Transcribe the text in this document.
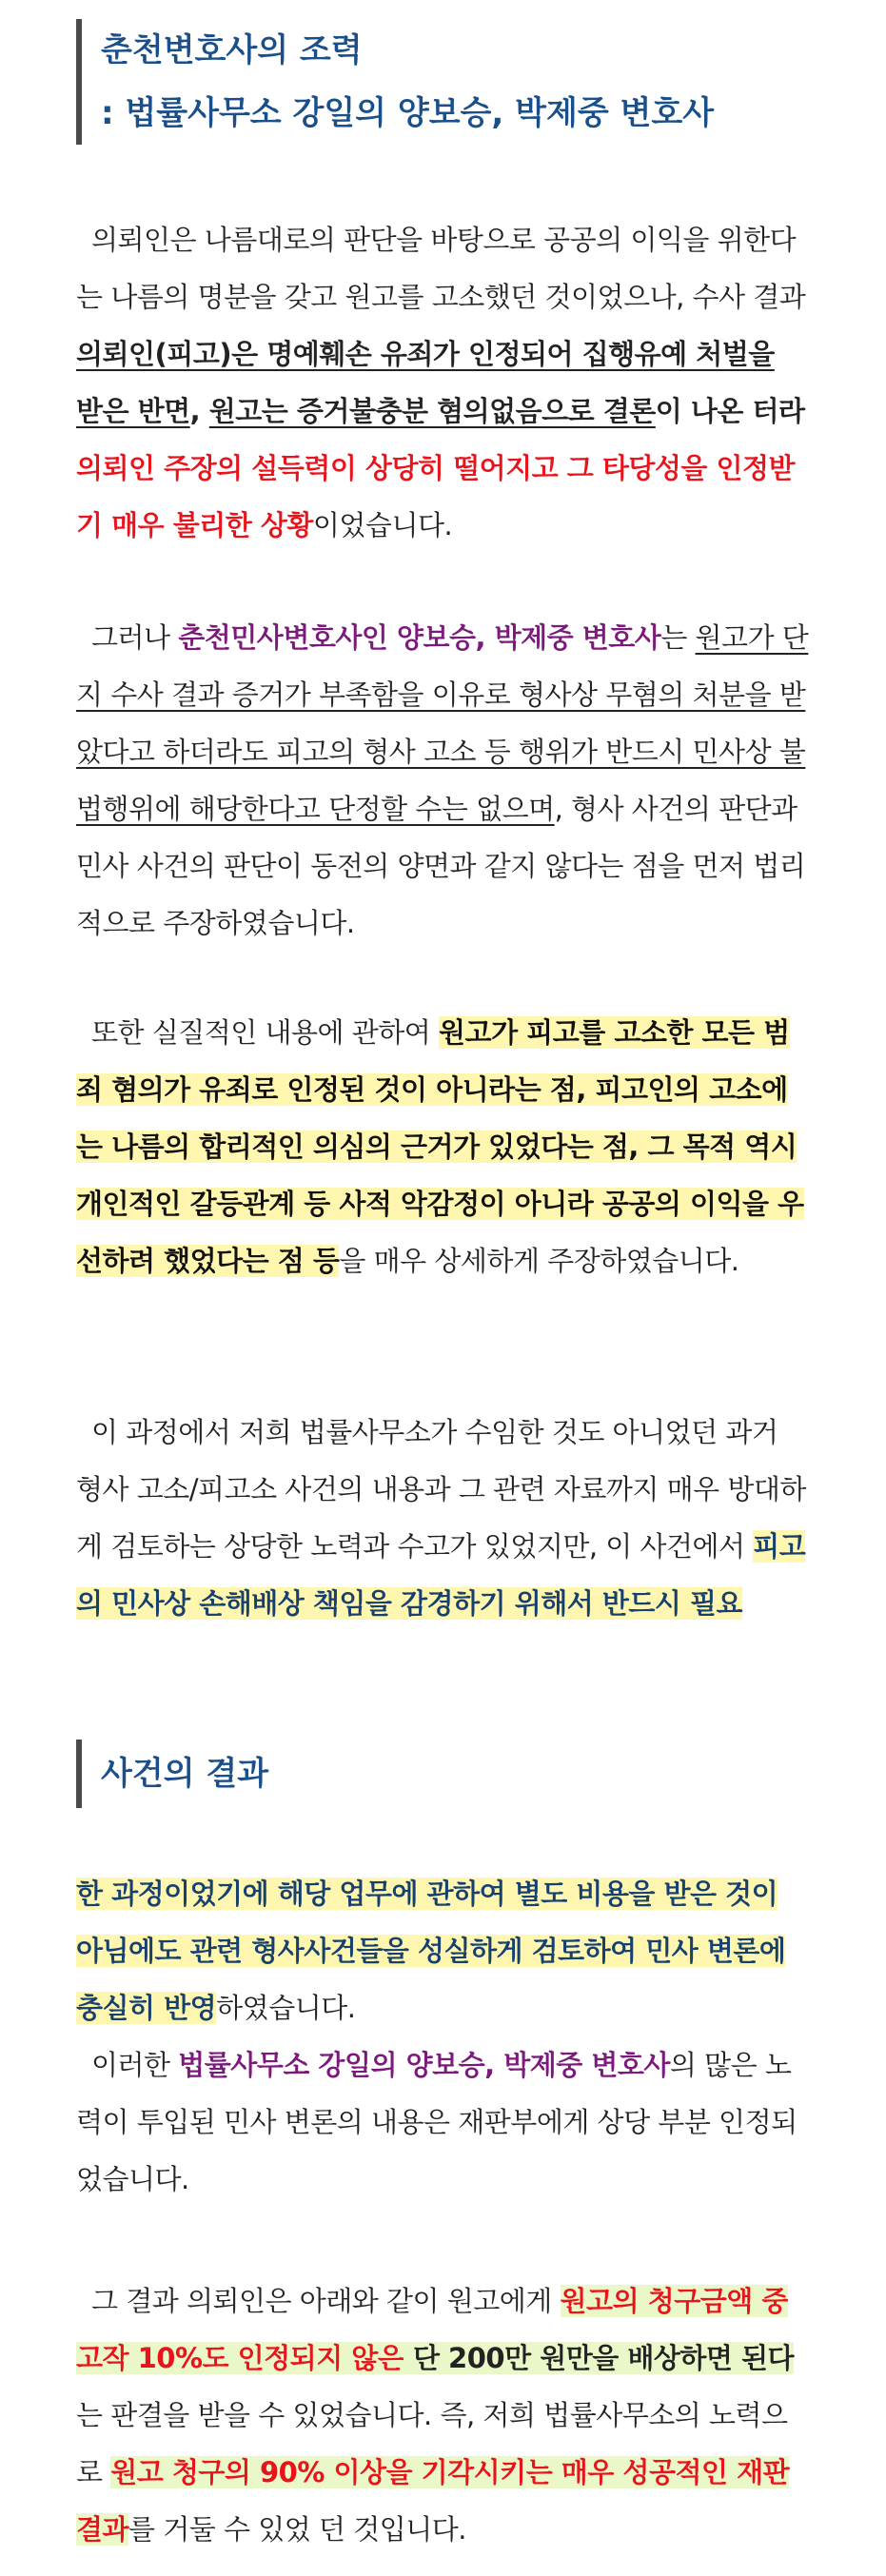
춘천변호사의 조력
: 법률사무소 강일의 양보승, 박제중 변호사

의뢰인은 나름대로의 판단을 바탕으로 공공의 이익을 위한다는 나름의 명분을 갖고 원고를 고소했던 것이었으나, 수사 결과 의뢰인(피고)은 명예훼손 유죄가 인정되어 집행유예 처벌을 받은 반면, 원고는 증거불충분 혐의없음으로 결론이 나온 터라 의뢰인 주장의 설득력이 상당히 떨어지고 그 타당성을 인정받기 매우 불리한 상황이었습니다.

그러나 춘천민사변호사인 양보승, 박제중 변호사는 원고가 단지 수사 결과 증거가 부족함을 이유로 형사상 무혐의 처분을 받았다고 하더라도 피고의 형사 고소 등 행위가 반드시 민사상 불법행위에 해당한다고 단정할 수는 없으며, 형사 사건의 판단과 민사 사건의 판단이 동전의 양면과 같지 않다는 점을 먼저 법리적으로 주장하였습니다.

또한 실질적인 내용에 관하여 원고가 피고를 고소한 모든 범죄 혐의가 유죄로 인정된 것이 아니라는 점, 피고인의 고소에는 나름의 합리적인 의심의 근거가 있었다는 점, 그 목적 역시 개인적인 갈등관계 등 사적 악감정이 아니라 공공의 이익을 우선하려 했었다는 점 등을 매우 상세하게 주장하였습니다.

이 과정에서 저희 법률사무소가 수임한 것도 아니었던 과거 형사 고소/피고소 사건의 내용과 그 관련 자료까지 매우 방대하게 검토하는 상당한 노력과 수고가 있었지만, 이 사건에서 피고의 민사상 손해배상 책임을 감경하기 위해서 반드시 필요

사건의 결과

한 과정이었기에 해당 업무에 관하여 별도 비용을 받은 것이 아님에도 관련 형사사건들을 성실하게 검토하여 민사 변론에 충실히 반영하였습니다.

이러한 법률사무소 강일의 양보승, 박제중 변호사의 많은 노력이 투입된 민사 변론의 내용은 재판부에게 상당 부분 인정되었습니다.

그 결과 의뢰인은 아래와 같이 원고에게 원고의 청구금액 중 고작 10%도 인정되지 않은 단 200만 원만을 배상하면 된다는 판결을 받을 수 있었습니다. 즉, 저희 법률사무소의 노력으로 원고 청구의 90% 이상을 기각시키는 매우 성공적인 재판 결과를 거둘 수 있었 던 것입니다.
